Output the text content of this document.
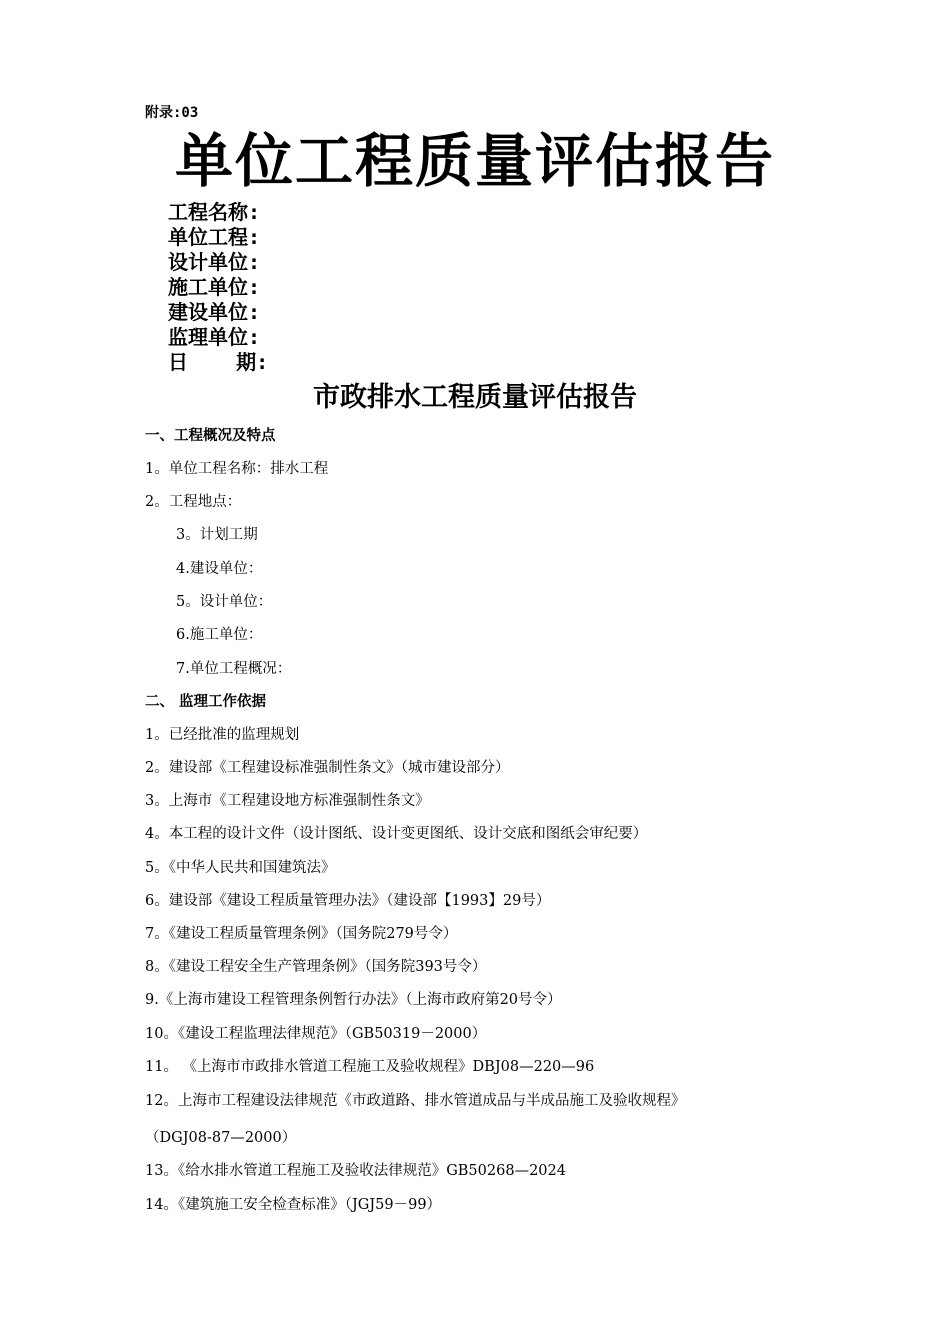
附录:03
单位工程质量评估报告
工程名称:
单位工程:
设计单位:
施工单位:
建设单位:
监理单位:
日    期:
市政排水工程质量评估报告
一、工程概况及特点
1。单位工程名称：排水工程
2。工程地点：
3。计划工期
4.建设单位：
5。设计单位：
6.施工单位：
7.单位工程概况：
二、 监理工作依据
1。已经批准的监理规划
2。建设部《工程建设标准强制性条文》（城市建设部分）
3。上海市《工程建设地方标准强制性条文》
4。本工程的设计文件（设计图纸、设计变更图纸、设计交底和图纸会审纪要）
5。《中华人民共和国建筑法》
6。建设部《建设工程质量管理办法》（建设部【1993】29号）
7。《建设工程质量管理条例》（国务院279号令）
8。《建设工程安全生产管理条例》（国务院393号令）
9.《上海市建设工程管理条例暂行办法》（上海市政府第20号令）
10。《建设工程监理法律规范》（GB50319－2000）
11。 《上海市市政排水管道工程施工及验收规程》DBJ08—220—96
12。上海市工程建设法律规范《市政道路、排水管道成品与半成品施工及验收规程》
（DGJ08-87—2000）
13。《给水排水管道工程施工及验收法律规范》GB50268—2024
14。《建筑施工安全检查标准》（JGJ59－99）
